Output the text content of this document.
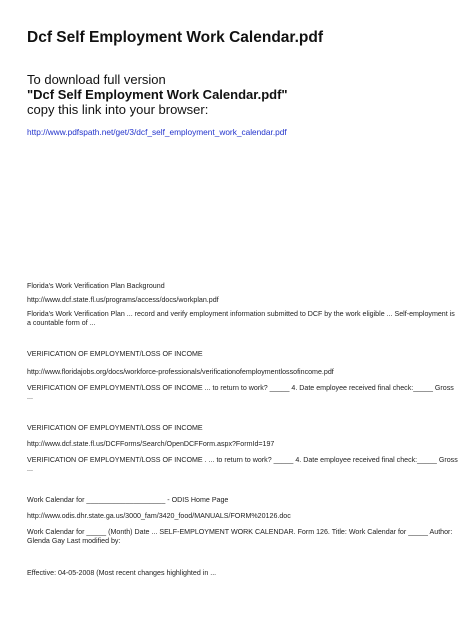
Dcf Self Employment Work Calendar.pdf
To download full version
"Dcf Self Employment Work Calendar.pdf"
copy this link into your browser:
http://www.pdfspath.net/get/3/dcf_self_employment_work_calendar.pdf
Florida's Work Verification Plan Background
http://www.dcf.state.fl.us/programs/access/docs/workplan.pdf
Florida's Work Verification Plan ... record and verify employment information submitted to DCF by the work eligible ... Self-employment is a countable form of ...
VERIFICATION OF EMPLOYMENT/LOSS OF INCOME
http://www.floridajobs.org/docs/workforce-professionals/verificationofemploymentlossofincome.pdf
VERIFICATION OF EMPLOYMENT/LOSS OF INCOME ... to return to work? _____ 4. Date employee received final check:_____ Gross ...
VERIFICATION OF EMPLOYMENT/LOSS OF INCOME
http://www.dcf.state.fl.us/DCFForms/Search/OpenDCFForm.aspx?FormId=197
VERIFICATION OF EMPLOYMENT/LOSS OF INCOME . ... to return to work? _____ 4. Date employee received final check:_____ Gross ...
Work Calendar for ____________________ - ODIS Home Page
http://www.odis.dhr.state.ga.us/3000_fam/3420_food/MANUALS/FORM%20126.doc
Work Calendar for _____ (Month) Date ... SELF-EMPLOYMENT WORK CALENDAR. Form 126. Title: Work Calendar for _____ Author: Glenda Gay Last modified by:
Effective: 04-05-2008 (Most recent changes highlighted in ...
